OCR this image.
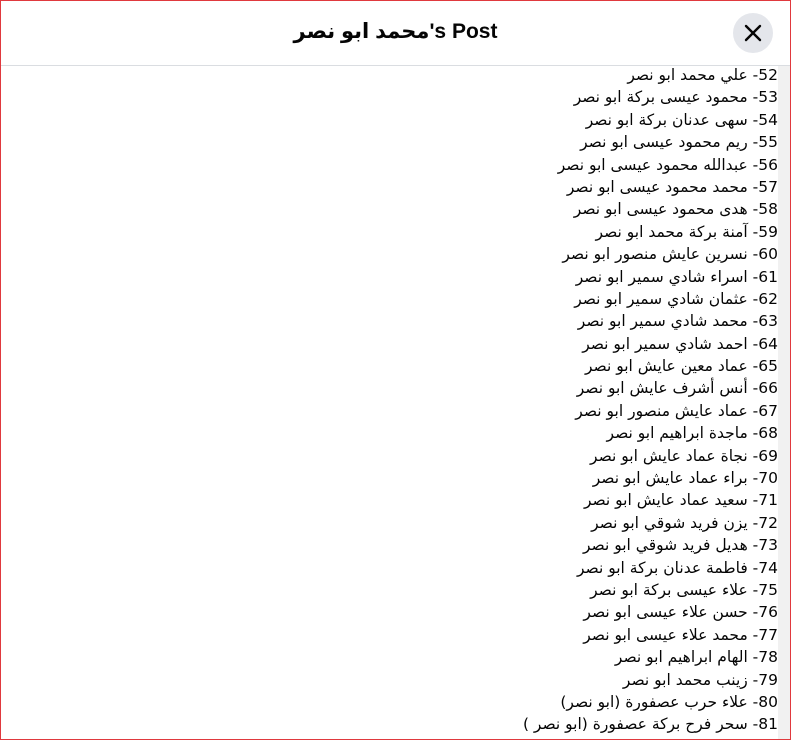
محمد ابو نصر's Post
52- علي محمد ابو نصر
53- محمود عيسى بركة ابو نصر
54- سهى عدنان بركة ابو نصر
55- ريم محمود عيسى ابو نصر
56- عبدالله محمود عيسى ابو نصر
57- محمد محمود عيسى ابو نصر
58- هدى محمود عيسى ابو نصر
59- آمنة بركة محمد ابو نصر
60- نسرين عايش منصور ابو نصر
61- اسراء شادي سمير ابو نصر
62- عثمان شادي سمير ابو نصر
63- محمد شادي سمير ابو نصر
64- احمد شادي سمير ابو نصر
65- عماد معين عايش ابو نصر
66- أنس أشرف عايش ابو نصر
67- عماد عايش منصور ابو نصر
68- ماجدة ابراهيم ابو نصر
69- نجاة عماد عايش ابو نصر
70- براء عماد عايش ابو نصر
71- سعيد عماد عايش ابو نصر
72- يزن فريد شوقي ابو نصر
73- هديل فريد شوقي ابو نصر
74- فاطمة عدنان بركة ابو نصر
75- علاء عيسى بركة ابو نصر
76- حسن علاء عيسى ابو نصر
77- محمد علاء عيسى ابو نصر
78- الهام ابراهيم ابو نصر
79- زينب محمد ابو نصر
80- علاء حرب عصفورة (ابو نصر)
81- سحر فرح بركة عصفورة (ابو نصر )
